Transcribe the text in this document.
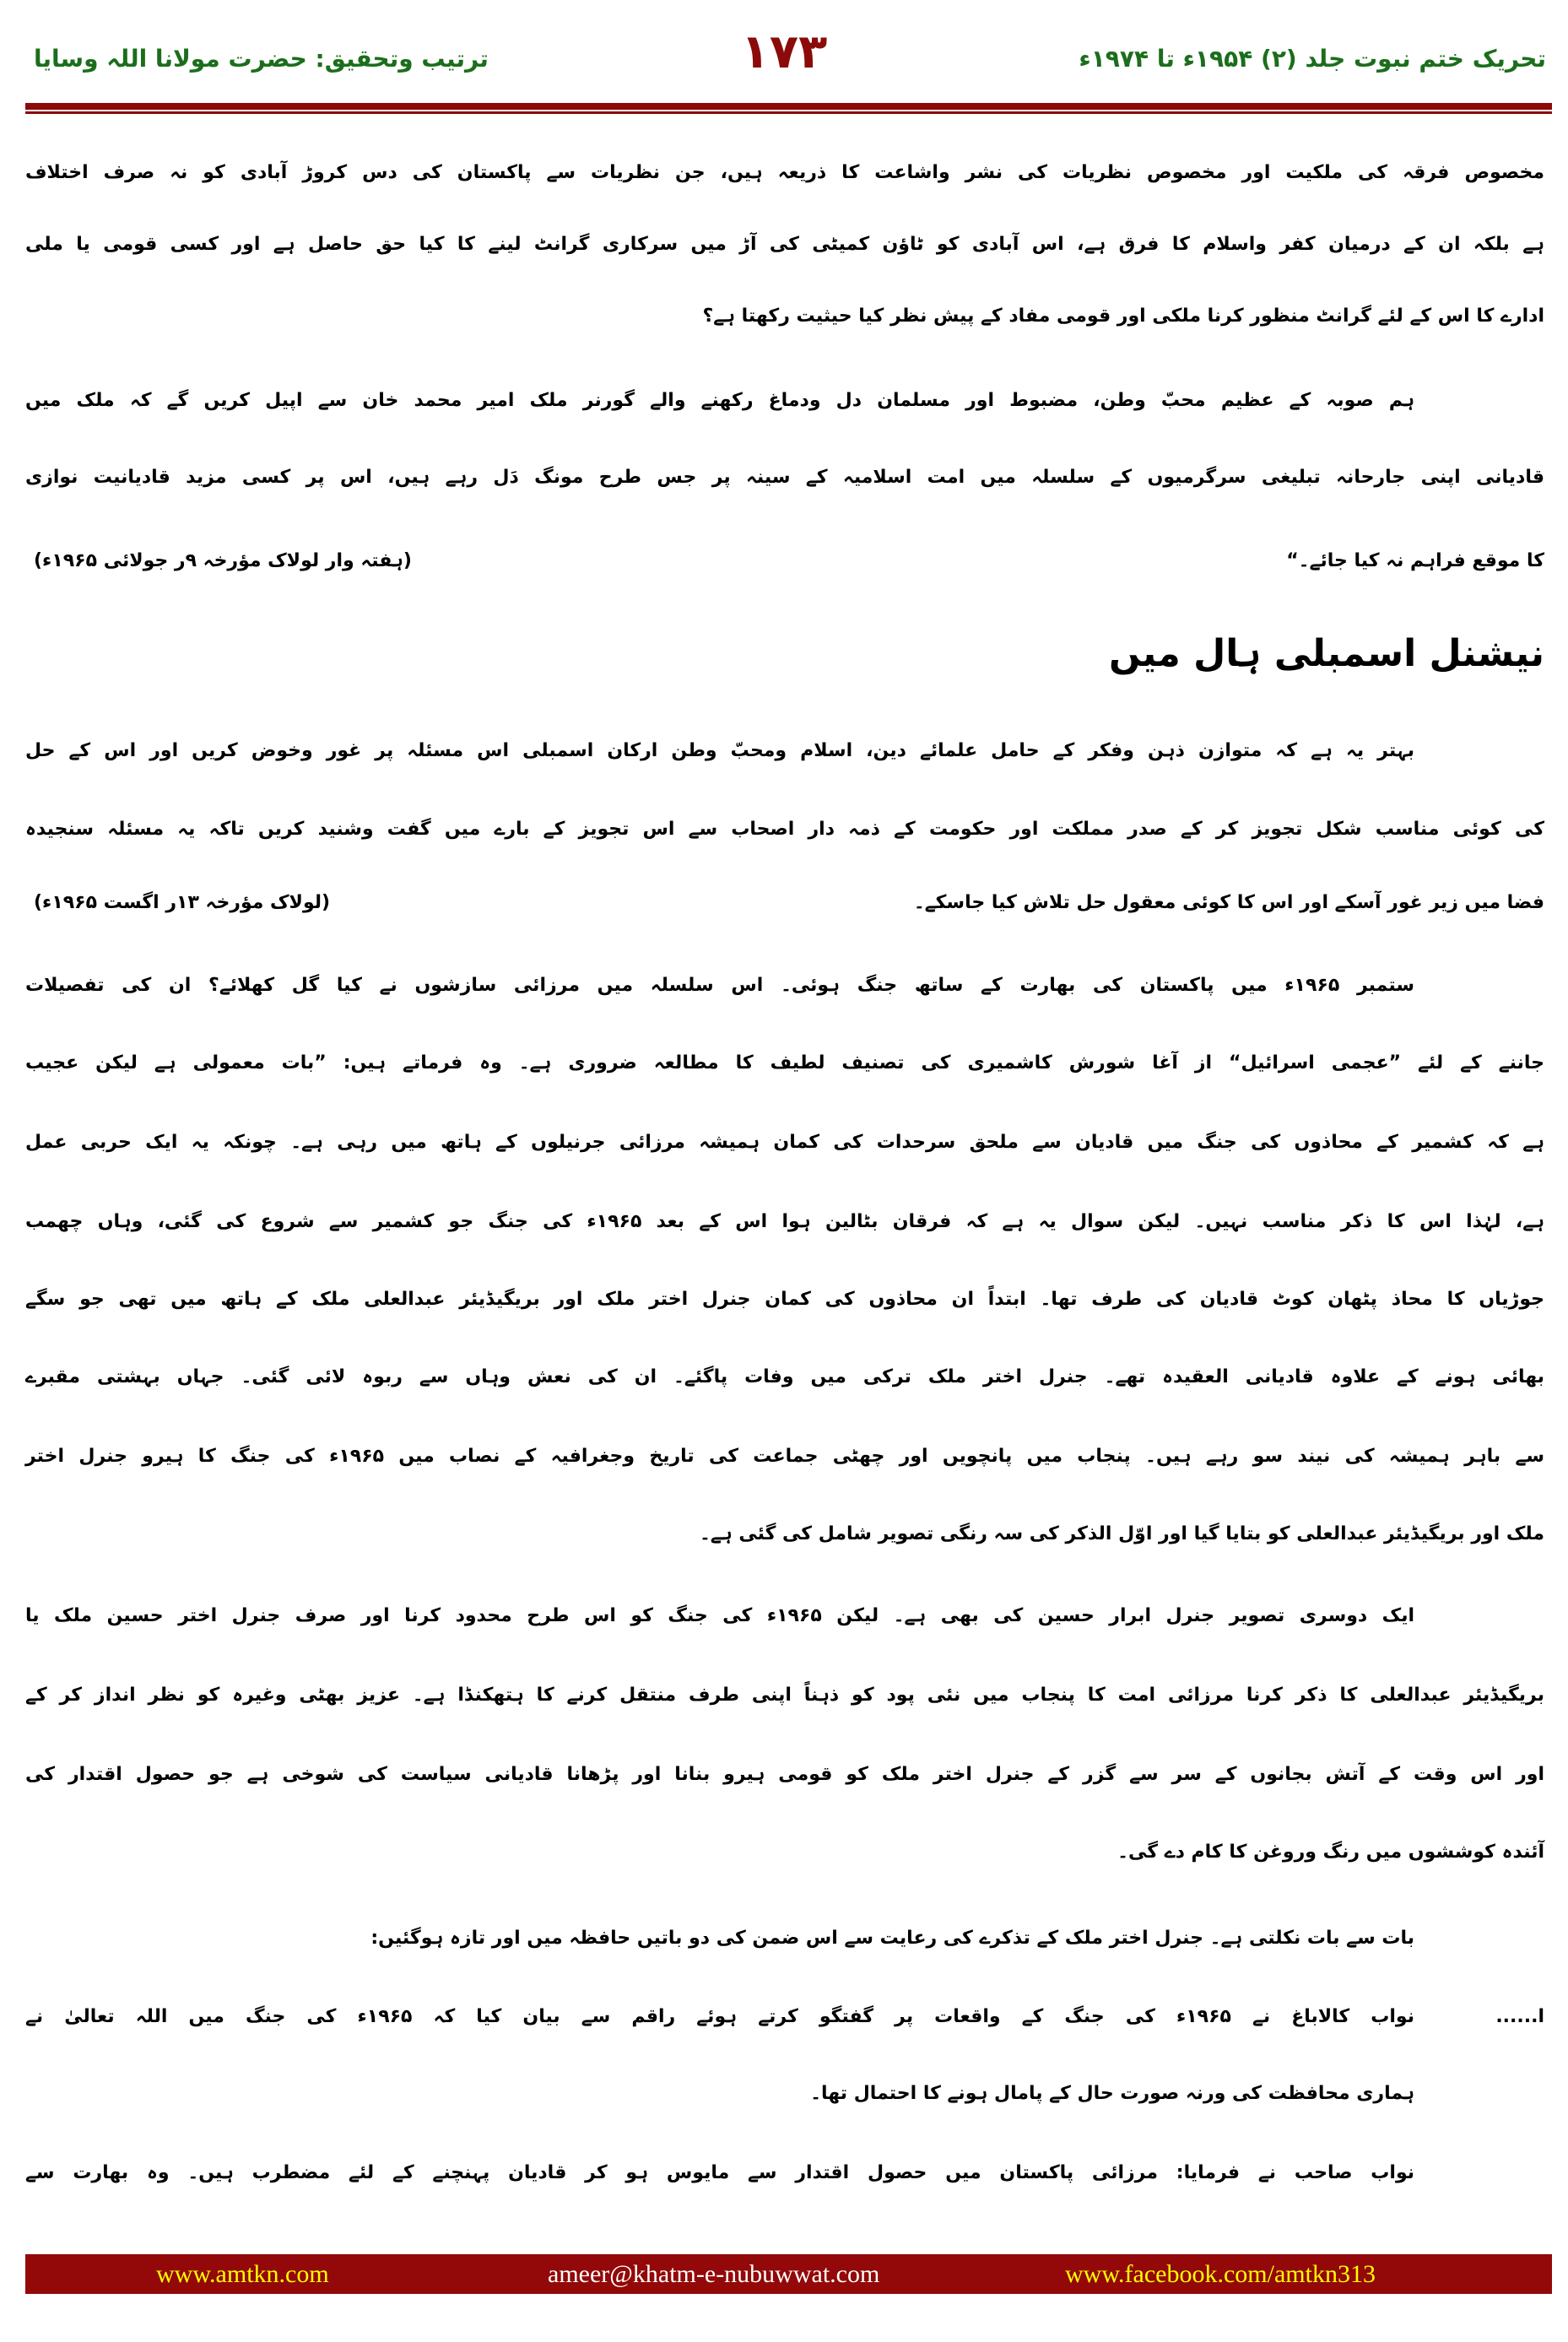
تحریک ختم نبوت جلد (۲) ۱۹۵۴ء تا ۱۹۷۴ء
۱۷۳
ترتیب وتحقیق: حضرت مولانا اللہ وسایا
مخصوص فرقہ کی ملکیت اور مخصوص نظریات کی نشر واشاعت کا ذریعہ ہیں، جن نظریات سے پاکستان کی دس کروڑ آبادی کو نہ صرف اختلاف
ہے بلکہ ان کے درمیان کفر واسلام کا فرق ہے، اس آبادی کو ٹاؤن کمیٹی کی آڑ میں سرکاری گرانٹ لینے کا کیا حق حاصل ہے اور کسی قومی یا ملی
ادارے کا اس کے لئے گرانٹ منظور کرنا ملکی اور قومی مفاد کے پیش نظر کیا حیثیت رکھتا ہے؟
ہم صوبہ کے عظیم محبّ وطن، مضبوط اور مسلمان دل ودماغ رکھنے والے گورنر ملک امیر محمد خان سے اپیل کریں گے کہ ملک میں
قادیانی اپنی جارحانہ تبلیغی سرگرمیوں کے سلسلہ میں امت اسلامیہ کے سینہ پر جس طرح مونگ دَل رہے ہیں، اس پر کسی مزید قادیانیت نوازی
کا موقع فراہم نہ کیا جائے۔“
(ہفتہ وار لولاک مؤرخہ ۹ر جولائی ۱۹۶۵ء)
نیشنل اسمبلی ہال میں
بہتر یہ ہے کہ متوازن ذہن وفکر کے حامل علمائے دین، اسلام ومحبّ وطن ارکان اسمبلی اس مسئلہ پر غور وخوض کریں اور اس کے حل
کی کوئی مناسب شکل تجویز کر کے صدر مملکت اور حکومت کے ذمہ دار اصحاب سے اس تجویز کے بارے میں گفت وشنید کریں تاکہ یہ مسئلہ سنجیدہ
فضا میں زیر غور آسکے اور اس کا کوئی معقول حل تلاش کیا جاسکے۔
(لولاک مؤرخہ ۱۳ر اگست ۱۹۶۵ء)
ستمبر ۱۹۶۵ء میں پاکستان کی بھارت کے ساتھ جنگ ہوئی۔ اس سلسلہ میں مرزائی سازشوں نے کیا گل کھلائے؟ ان کی تفصیلات
جاننے کے لئے ”عجمی اسرائیل“ از آغا شورش کاشمیری کی تصنیف لطیف کا مطالعہ ضروری ہے۔ وہ فرماتے ہیں: ”بات معمولی ہے لیکن عجیب
ہے کہ کشمیر کے محاذوں کی جنگ میں قادیان سے ملحق سرحدات کی کمان ہمیشہ مرزائی جرنیلوں کے ہاتھ میں رہی ہے۔ چونکہ یہ ایک حربی عمل
ہے، لہٰذا اس کا ذکر مناسب نہیں۔ لیکن سوال یہ ہے کہ فرقان بٹالین ہوا اس کے بعد ۱۹۶۵ء کی جنگ جو کشمیر سے شروع کی گئی، وہاں چھمب
جوڑیاں کا محاذ پٹھان کوٹ قادیان کی طرف تھا۔ ابتداً ان محاذوں کی کمان جنرل اختر ملک اور بریگیڈیئر عبدالعلی ملک کے ہاتھ میں تھی جو سگے
بھائی ہونے کے علاوہ قادیانی العقیدہ تھے۔ جنرل اختر ملک ترکی میں وفات پاگئے۔ ان کی نعش وہاں سے ربوہ لائی گئی۔ جہاں بہشتی مقبرے
سے باہر ہمیشہ کی نیند سو رہے ہیں۔ پنجاب میں پانچویں اور چھٹی جماعت کی تاریخ وجغرافیہ کے نصاب میں ۱۹۶۵ء کی جنگ کا ہیرو جنرل اختر
ملک اور بریگیڈیئر عبدالعلی کو بتایا گیا اور اوّل الذکر کی سہ رنگی تصویر شامل کی گئی ہے۔
ایک دوسری تصویر جنرل ابرار حسین کی بھی ہے۔ لیکن ۱۹۶۵ء کی جنگ کو اس طرح محدود کرنا اور صرف جنرل اختر حسین ملک یا
بریگیڈیئر عبدالعلی کا ذکر کرنا مرزائی امت کا پنجاب میں نئی پود کو ذہناً اپنی طرف منتقل کرنے کا ہتھکنڈا ہے۔ عزیز بھٹی وغیرہ کو نظر انداز کر کے
اور اس وقت کے آتش بجانوں کے سر سے گزر کے جنرل اختر ملک کو قومی ہیرو بنانا اور پڑھانا قادیانی سیاست کی شوخی ہے جو حصول اقتدار کی
آئندہ کوششوں میں رنگ وروغن کا کام دے گی۔
بات سے بات نکلتی ہے۔ جنرل اختر ملک کے تذکرے کی رعایت سے اس ضمن کی دو باتیں حافظہ میں اور تازہ ہوگئیں:
ا......
نواب کالاباغ نے ۱۹۶۵ء کی جنگ کے واقعات پر گفتگو کرتے ہوئے راقم سے بیان کیا کہ ۱۹۶۵ء کی جنگ میں اللہ تعالیٰ نے
ہماری محافظت کی ورنہ صورت حال کے پامال ہونے کا احتمال تھا۔
نواب صاحب نے فرمایا: مرزائی پاکستان میں حصول اقتدار سے مایوس ہو کر قادیان پہنچنے کے لئے مضطرب ہیں۔ وہ بھارت سے
www.amtkn.com	ameer@khatm-e-nubuwwat.com	www.facebook.com/amtkn313
